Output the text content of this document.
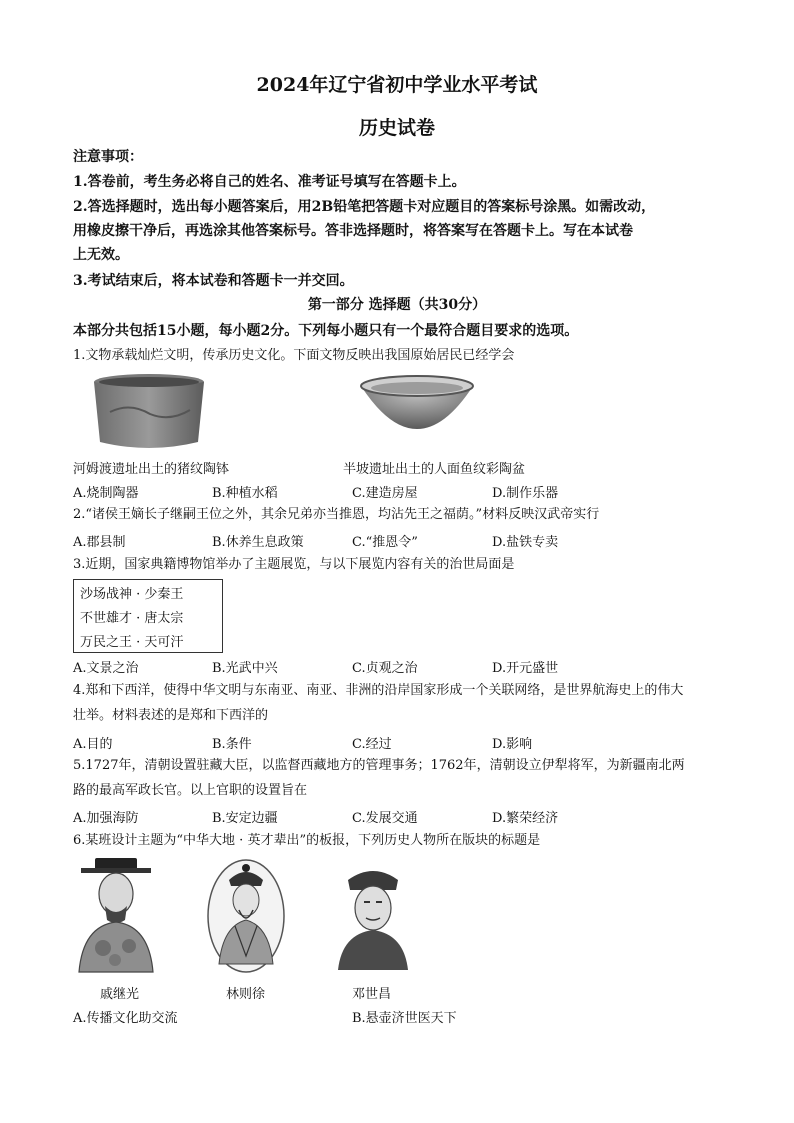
2024年辽宁省初中学业水平考试
历史试卷
注意事项：
1.答卷前，考生务必将自己的姓名、准考证号填写在答题卡上。
2.答选择题时，选出每小题答案后，用2B铅笔把答题卡对应题目的答案标号涂黑。如需改动，
用橡皮擦干净后，再选涂其他答案标号。答非选择题时，将答案写在答题卡上。写在本试卷
上无效。
3.考试结束后，将本试卷和答题卡一并交回。
第一部分 选择题（共30分）
本部分共包括15小题，每小题2分。下列每小题只有一个最符合题目要求的选项。
1.文物承载灿烂文明，传承历史文化。下面文物反映出我国原始居民已经学会
河姆渡遗址出土的猪纹陶钵	半坡遗址出土的人面鱼纹彩陶盆
A.烧制陶器	B.种植水稻	C.建造房屋	D.制作乐器
2.“诸侯王嫡长子继嗣王位之外，其余兄弟亦当推恩，均沾先王之福荫。”材料反映汉武帝实行
A.郡县制	B.休养生息政策	C.“推恩令”	D.盐铁专卖
3.近期，国家典籍博物馆举办了主题展览，与以下展览内容有关的治世局面是
沙场战神 · 少秦王
不世雄才 · 唐太宗
万民之王 · 天可汗
A.文景之治	B.光武中兴	C.贞观之治	D.开元盛世
4.郑和下西洋，使得中华文明与东南亚、南亚、非洲的沿岸国家形成一个关联网络，是世界航海史上的伟大
壮举。材料表述的是郑和下西洋的
A.目的	B.条件	C.经过	D.影响
5.1727年，清朝设置驻藏大臣，以监督西藏地方的管理事务；1762年，清朝设立伊犁将军，为新疆南北两
路的最高军政长官。以上官职的设置旨在
A.加强海防	B.安定边疆	C.发展交通	D.繁荣经济
6.某班设计主题为“中华大地 · 英才辈出”的板报，下列历史人物所在版块的标题是
戚继光	林则徐	邓世昌
A.传播文化助交流	B.悬壶济世医天下
